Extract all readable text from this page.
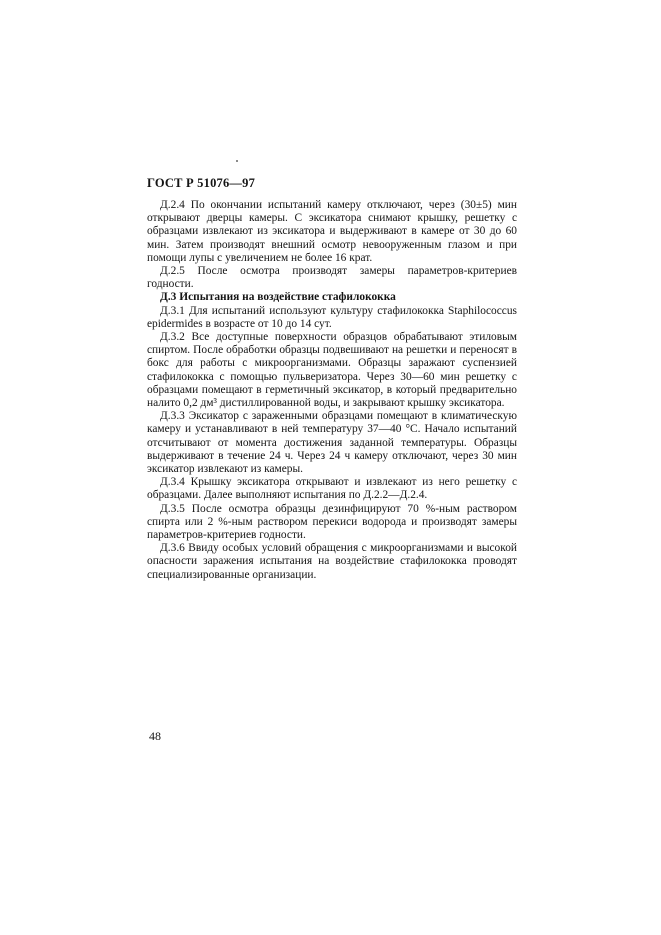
ГОСТ Р 51076—97

Д.2.4 По окончании испытаний камеру отключают, через (30±5) мин открывают дверцы камеры. С эксикатора снимают крышку, решетку с образцами извлекают из эксикатора и выдерживают в камере от 30 до 60 мин. Затем производят внешний осмотр невооруженным глазом и при помощи лупы с увеличением не более 16 крат.

Д.2.5 После осмотра производят замеры параметров-критериев годности.

Д.3 Испытания на воздействие стафилококка

Д.3.1 Для испытаний используют культуру стафилококка Staphilococcus epidermides в возрасте от 10 до 14 сут.

Д.3.2 Все доступные поверхности образцов обрабатывают этиловым спиртом. После обработки образцы подвешивают на решетки и переносят в бокс для работы с микроорганизмами. Образцы заражают суспензией стафилококка с помощью пульверизатора. Через 30—60 мин решетку с образцами помещают в герметичный эксикатор, в который предварительно налито 0,2 дм³ дистиллированной воды, и закрывают крышку эксикатора.

Д.3.3 Эксикатор с зараженными образцами помещают в климатическую камеру и устанавливают в ней температуру 37—40 °С. Начало испытаний отсчитывают от момента достижения заданной температуры. Образцы выдерживают в течение 24 ч. Через 24 ч камеру отключают, через 30 мин эксикатор извлекают из камеры.

Д.3.4 Крышку эксикатора открывают и извлекают из него решетку с образцами. Далее выполняют испытания по Д.2.2—Д.2.4.

Д.3.5 После осмотра образцы дезинфицируют 70 %-ным раствором спирта или 2 %-ным раствором перекиси водорода и производят замеры параметров-критериев годности.

Д.3.6 Ввиду особых условий обращения с микроорганизмами и высокой опасности заражения испытания на воздействие стафилококка проводят специализированные организации.

48
